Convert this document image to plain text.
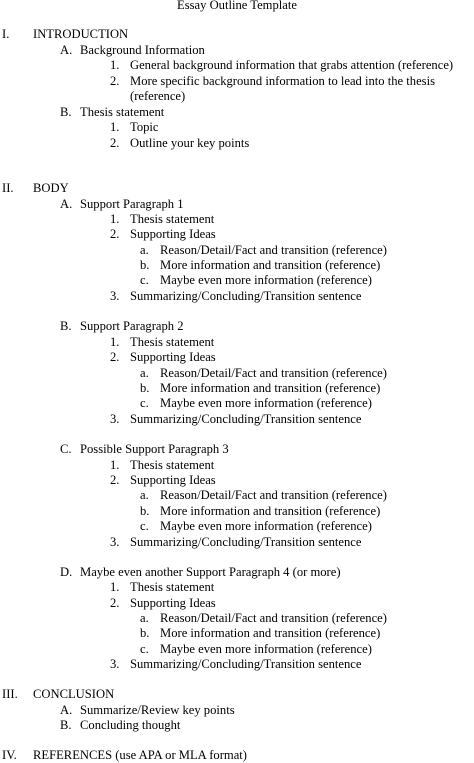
Essay Outline Template
I. INTRODUCTION
A. Background Information
1. General background information that grabs attention (reference)
2. More specific background information to lead into the thesis (reference)
B. Thesis statement
1. Topic
2. Outline your key points
II. BODY
A. Support Paragraph 1
1. Thesis statement
2. Supporting Ideas
a. Reason/Detail/Fact and transition (reference)
b. More information and transition (reference)
c. Maybe even more information (reference)
3. Summarizing/Concluding/Transition sentence
B. Support Paragraph 2
1. Thesis statement
2. Supporting Ideas
a. Reason/Detail/Fact and transition (reference)
b. More information and transition (reference)
c. Maybe even more information (reference)
3. Summarizing/Concluding/Transition sentence
C. Possible Support Paragraph 3
1. Thesis statement
2. Supporting Ideas
a. Reason/Detail/Fact and transition (reference)
b. More information and transition (reference)
c. Maybe even more information (reference)
3. Summarizing/Concluding/Transition sentence
D. Maybe even another Support Paragraph 4 (or more)
1. Thesis statement
2. Supporting Ideas
a. Reason/Detail/Fact and transition (reference)
b. More information and transition (reference)
c. Maybe even more information (reference)
3. Summarizing/Concluding/Transition sentence
III. CONCLUSION
A. Summarize/Review key points
B. Concluding thought
IV. REFERENCES (use APA or MLA format)
